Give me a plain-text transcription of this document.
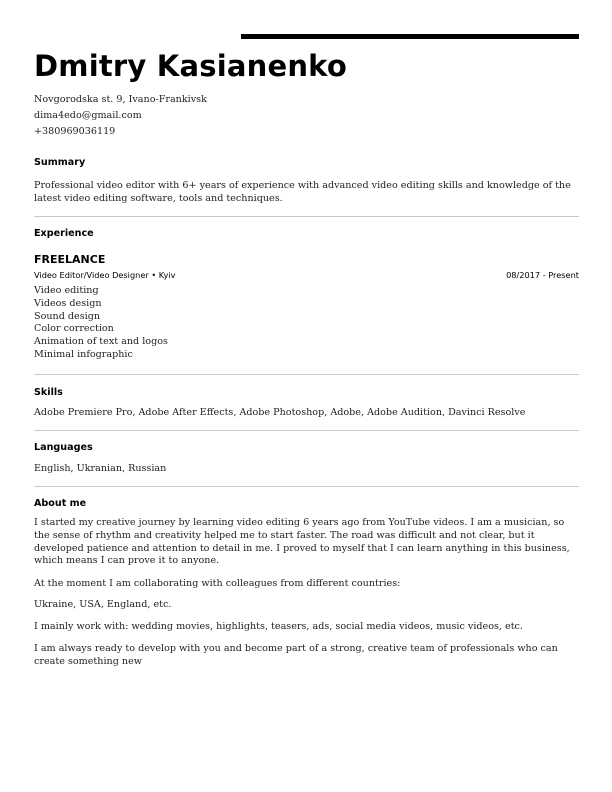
Dmitry Kasianenko
Novgorodska st. 9, Ivano-Frankivsk
dima4edo@gmail.com
+380969036119
Summary

Professional video editor with 6+ years of experience with advanced video editing skills and knowledge of the latest video editing software, tools and techniques.

Experience
FREELANCE
Video Editor/Video Designer • Kyiv	08/2017 - Present
Video editing
Videos design
Sound design
Color correction
Animation of text and logos
Minimal infographic
Skills
Adobe Premiere Pro, Adobe After Effects, Adobe Photoshop, Adobe, Adobe Audition, Davinci Resolve
Languages
English, Ukranian, Russian
About me

I started my creative journey by learning video editing 6 years ago from YouTube videos. I am a musician, so the sense of rhythm and creativity helped me to start faster. The road was difficult and not clear, but it developed patience and attention to detail in me. I proved to myself that I can learn anything in this business, which means I can prove it to anyone.

At the moment I am collaborating with colleagues from different countries:

Ukraine, USA, England, etc.

I mainly work with: wedding movies, highlights, teasers, ads, social media videos, music videos, etc.

I am always ready to develop with you and become part of a strong, creative team of professionals who can create something new
